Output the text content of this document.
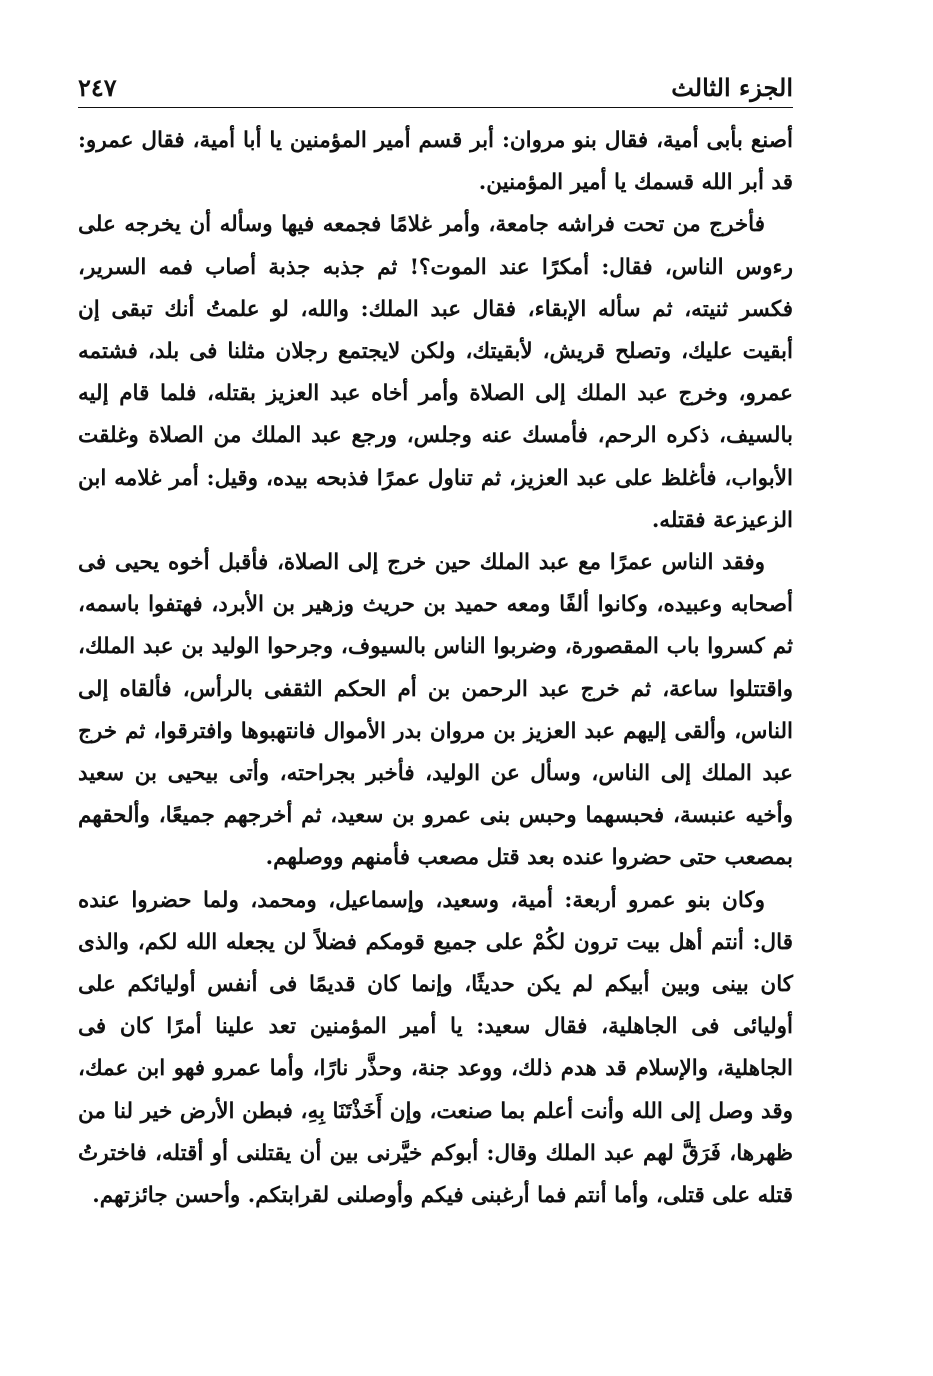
الجزء الثالث
٢٤٧

أصنع بأبى أمية، فقال بنو مروان: أبر قسم أمير المؤمنين يا أبا أمية، فقال عمرو: قد أبر الله قسمك يا أمير المؤمنين.

فأخرج من تحت فراشه جامعة، وأمر غلامًا فجمعه فيها وسأله أن يخرجه على رءوس الناس، فقال: أمكرًا عند الموت؟! ثم جذبه جذبة أصاب فمه السرير، فكسر ثنيته، ثم سأله الإبقاء، فقال عبد الملك: والله، لو علمتُ أنك تبقى إن أبقيت عليك، وتصلح قريش، لأبقيتك، ولكن لايجتمع رجلان مثلنا فى بلد، فشتمه عمرو، وخرج عبد الملك إلى الصلاة وأمر أخاه عبد العزيز بقتله، فلما قام إليه بالسيف، ذكره الرحم، فأمسك عنه وجلس، ورجع عبد الملك من الصلاة وغلقت الأبواب، فأغلظ على عبد العزيز، ثم تناول عمرًا فذبحه بيده، وقيل: أمر غلامه ابن الزعيزعة فقتله.

وفقد الناس عمرًا مع عبد الملك حين خرج إلى الصلاة، فأقبل أخوه يحيى فى أصحابه وعبيده، وكانوا ألفًا ومعه حميد بن حريث وزهير بن الأبرد، فهتفوا باسمه، ثم كسروا باب المقصورة، وضربوا الناس بالسيوف، وجرحوا الوليد بن عبد الملك، واقتتلوا ساعة، ثم خرج عبد الرحمن بن أم الحكم الثقفى بالرأس، فألقاه إلى الناس، وألقى إليهم عبد العزيز بن مروان بدر الأموال فانتهبوها وافترقوا، ثم خرج عبد الملك إلى الناس، وسأل عن الوليد، فأخبر بجراحته، وأتى بيحيى بن سعيد وأخيه عنبسة، فحبسهما وحبس بنى عمرو بن سعيد، ثم أخرجهم جميعًا، وألحقهم بمصعب حتى حضروا عنده بعد قتل مصعب فأمنهم ووصلهم.

وكان بنو عمرو أربعة: أمية، وسعيد، وإسماعيل، ومحمد، ولما حضروا عنده قال: أنتم أهل بيت ترون لكُمْ على جميع قومكم فضلاً لن يجعله الله لكم، والذى كان بينى وبين أبيكم لم يكن حديثًا، وإنما كان قديمًا فى أنفس أوليائكم على أوليائى فى الجاهلية، فقال سعيد: يا أمير المؤمنين تعد علينا أمرًا كان فى الجاهلية، والإسلام قد هدم ذلك، ووعد جنة، وحذَّر نارًا، وأما عمرو فهو ابن عمك، وقد وصل إلى الله وأنت أعلم بما صنعت، وإن أَخَذْتَنَا بِهِ، فبطن الأرض خير لنا من ظهرها، فَرَقَّ لهم عبد الملك وقال: أبوكم خيَّرنى بين أن يقتلنى أو أقتله، فاخترتُ قتله على قتلى، وأما أنتم فما أرغبنى فيكم وأوصلنى لقرابتكم. وأحسن جائزتهم.
